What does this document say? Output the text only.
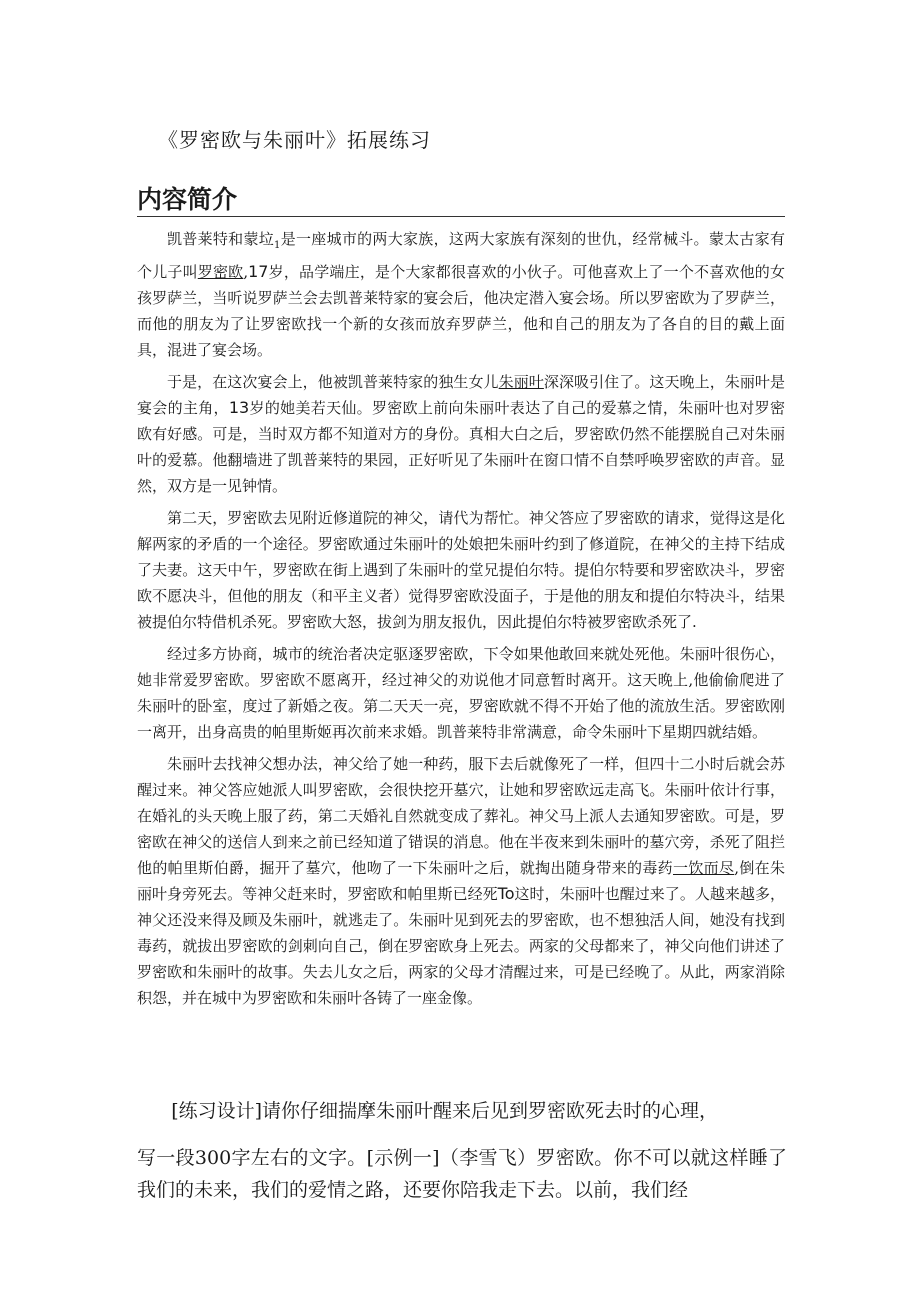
《罗密欧与朱丽叶》拓展练习
内容简介

凯普莱特和蒙垃$_1$是一座城市的两大家族，这两大家族有深刻的世仇，经常械斗。蒙太古家有个儿子叫罗密欧,17岁，品学端庄，是个大家都很喜欢的小伙子。可他喜欢上了一个不喜欢他的女孩罗萨兰，当听说罗萨兰会去凯普莱特家的宴会后，他决定潜入宴会场。所以罗密欧为了罗萨兰，而他的朋友为了让罗密欧找一个新的女孩而放弃罗萨兰，他和自己的朋友为了各自的目的戴上面具，混进了宴会场。

于是，在这次宴会上，他被凯普莱特家的独生女儿朱丽叶深深吸引住了。这天晚上，朱丽叶是宴会的主角，13岁的她美若天仙。罗密欧上前向朱丽叶表达了自己的爱慕之情，朱丽叶也对罗密欧有好感。可是，当时双方都不知道对方的身份。真相大白之后，罗密欧仍然不能摆脱自己对朱丽叶的爱慕。他翻墙进了凯普莱特的果园，正好听见了朱丽叶在窗口情不自禁呼唤罗密欧的声音。显然，双方是一见钟情。

第二天，罗密欧去见附近修道院的神父，请代为帮忙。神父答应了罗密欧的请求，觉得这是化解两家的矛盾的一个途径。罗密欧通过朱丽叶的处娘把朱丽叶约到了修道院，在神父的主持下结成了夫妻。这天中午，罗密欧在街上遇到了朱丽叶的堂兄提伯尔特。提伯尔特要和罗密欧决斗，罗密欧不愿决斗，但他的朋友（和平主义者）觉得罗密欧没面子，于是他的朋友和提伯尔特决斗，结果被提伯尔特借机杀死。罗密欧大怒，拔剑为朋友报仇，因此提伯尔特被罗密欧杀死了.

经过多方协商，城市的统治者决定驱逐罗密欧，下令如果他敢回来就处死他。朱丽叶很伤心，她非常爱罗密欧。罗密欧不愿离开，经过神父的劝说他才同意暂时离开。这天晚上,他偷偷爬进了朱丽叶的卧室，度过了新婚之夜。第二天天一亮，罗密欧就不得不开始了他的流放生活。罗密欧刚一离开，出身高贵的帕里斯姬再次前来求婚。凯普莱特非常满意，命令朱丽叶下星期四就结婚。

朱丽叶去找神父想办法，神父给了她一种药，服下去后就像死了一样，但四十二小时后就会苏醒过来。神父答应她派人叫罗密欧，会很快挖开墓穴，让她和罗密欧远走高飞。朱丽叶依计行事，在婚礼的头天晚上服了药，第二天婚礼自然就变成了葬礼。神父马上派人去通知罗密欧。可是，罗密欧在神父的送信人到来之前已经知道了错误的消息。他在半夜来到朱丽叶的墓穴旁，杀死了阻拦他的帕里斯伯爵，掘开了墓穴，他吻了一下朱丽叶之后，就掏出随身带来的毒药一饮而尽,倒在朱丽叶身旁死去。等神父赶来时，罗密欧和帕里斯已经死To这时，朱丽叶也醒过来了。人越来越多，神父还没来得及顾及朱丽叶，就逃走了。朱丽叶见到死去的罗密欧，也不想独活人间，她没有找到毒药，就拔出罗密欧的剑刺向自己，倒在罗密欧身上死去。两家的父母都来了，神父向他们讲述了罗密欧和朱丽叶的故事。失去儿女之后，两家的父母才清醒过来，可是已经晚了。从此，两家消除积怨，并在城中为罗密欧和朱丽叶各铸了一座金像。

[练习设计]请你仔细揣摩朱丽叶醒来后见到罗密欧死去时的心理，

写一段300字左右的文字。[示例一]（李雪飞）罗密欧。你不可以就这样睡了我们的未来，我们的爱情之路，还要你陪我走下去。以前，我们经
